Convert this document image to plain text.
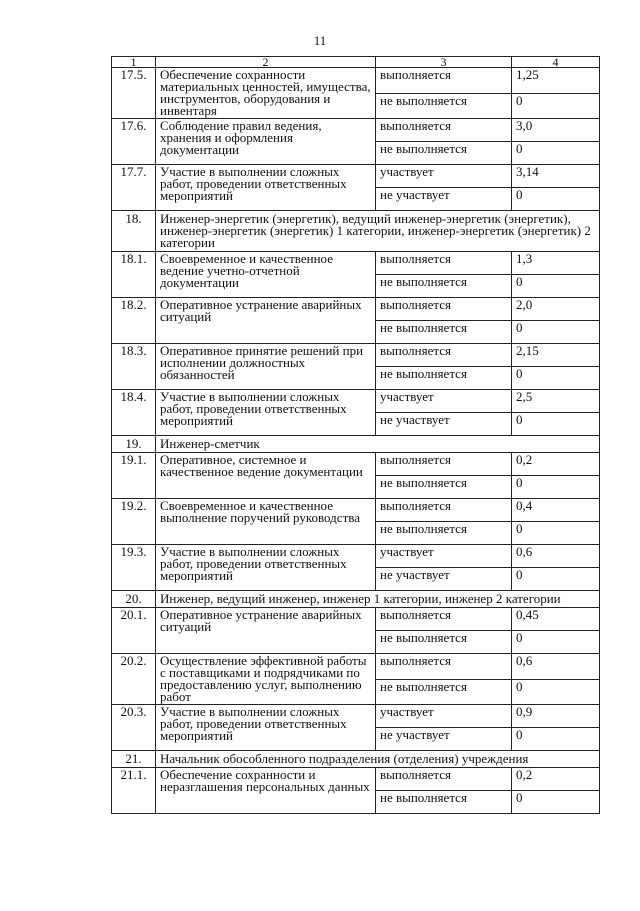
11
1	2	3	4
17.5.	Обеспечение сохранности материальных ценностей, имущества, инструментов, оборудования и инвентаря	выполняется	1,25
		не выполняется	0
17.6.	Соблюдение правил ведения, хранения и оформления документации	выполняется	3,0
		не выполняется	0
17.7.	Участие в выполнении сложных работ, проведении ответственных мероприятий	участвует	3,14
		не участвует	0
18.	Инженер-энергетик (энергетик), ведущий инженер-энергетик (энергетик), инженер-энергетик (энергетик) 1 категории, инженер-энергетик (энергетик) 2 категории		
18.1.	Своевременное и качественное ведение учетно-отчетной документации	выполняется	1,3
		не выполняется	0
18.2.	Оперативное устранение аварийных ситуаций	выполняется	2,0
		не выполняется	0
18.3.	Оперативное принятие решений при исполнении должностных обязанностей	выполняется	2,15
		не выполняется	0
18.4.	Участие в выполнении сложных работ, проведении ответственных мероприятий	участвует	2,5
		не участвует	0
19.	Инженер-сметчик		
19.1.	Оперативное, системное и качественное ведение документации	выполняется	0,2
		не выполняется	0
19.2.	Своевременное и качественное выполнение поручений руководства	выполняется	0,4
		не выполняется	0
19.3.	Участие в выполнении сложных работ, проведении ответственных мероприятий	участвует	0,6
		не участвует	0
20.	Инженер, ведущий инженер, инженер 1 категории, инженер 2 категории		
20.1.	Оперативное устранение аварийных ситуаций	выполняется	0,45
		не выполняется	0
20.2.	Осуществление эффективной работы с поставщиками и подрядчиками по предоставлению услуг, выполнению работ	выполняется	0,6
		не выполняется	0
20.3.	Участие в выполнении сложных работ, проведении ответственных мероприятий	участвует	0,9
		не участвует	0
21.	Начальник обособленного подразделения (отделения) учреждения		
21.1.	Обеспечение сохранности и неразглашения персональных данных	выполняется	0,2
		не выполняется	0
